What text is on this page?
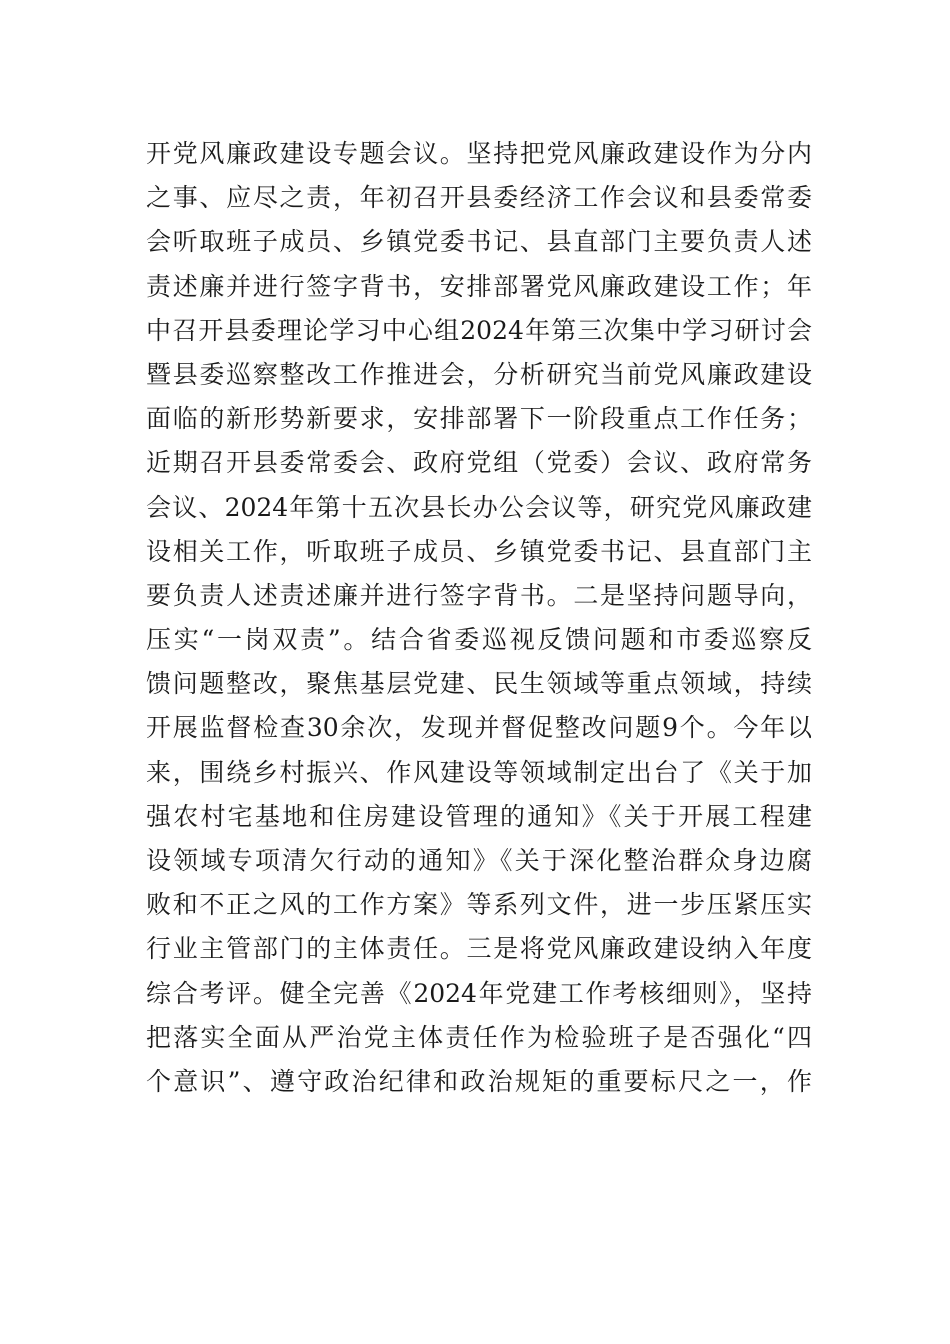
开党风廉政建设专题会议。坚持把党风廉政建设作为分内
之事、应尽之责，年初召开县委经济工作会议和县委常委
会听取班子成员、乡镇党委书记、县直部门主要负责人述
责述廉并进行签字背书，安排部署党风廉政建设工作；年
中召开县委理论学习中心组2024年第三次集中学习研讨会
暨县委巡察整改工作推进会，分析研究当前党风廉政建设
面临的新形势新要求，安排部署下一阶段重点工作任务；
近期召开县委常委会、政府党组（党委）会议、政府常务
会议、2024年第十五次县长办公会议等，研究党风廉政建
设相关工作，听取班子成员、乡镇党委书记、县直部门主
要负责人述责述廉并进行签字背书。二是坚持问题导向，
压实“一岗双责”。结合省委巡视反馈问题和市委巡察反
馈问题整改，聚焦基层党建、民生领域等重点领域，持续
开展监督检查30余次，发现并督促整改问题9个。今年以
来，围绕乡村振兴、作风建设等领域制定出台了《关于加
强农村宅基地和住房建设管理的通知》《关于开展工程建
设领域专项清欠行动的通知》《关于深化整治群众身边腐
败和不正之风的工作方案》等系列文件，进一步压紧压实
行业主管部门的主体责任。三是将党风廉政建设纳入年度
综合考评。健全完善《2024年党建工作考核细则》，坚持
把落实全面从严治党主体责任作为检验班子是否强化“四
个意识”、遵守政治纪律和政治规矩的重要标尺之一，作
